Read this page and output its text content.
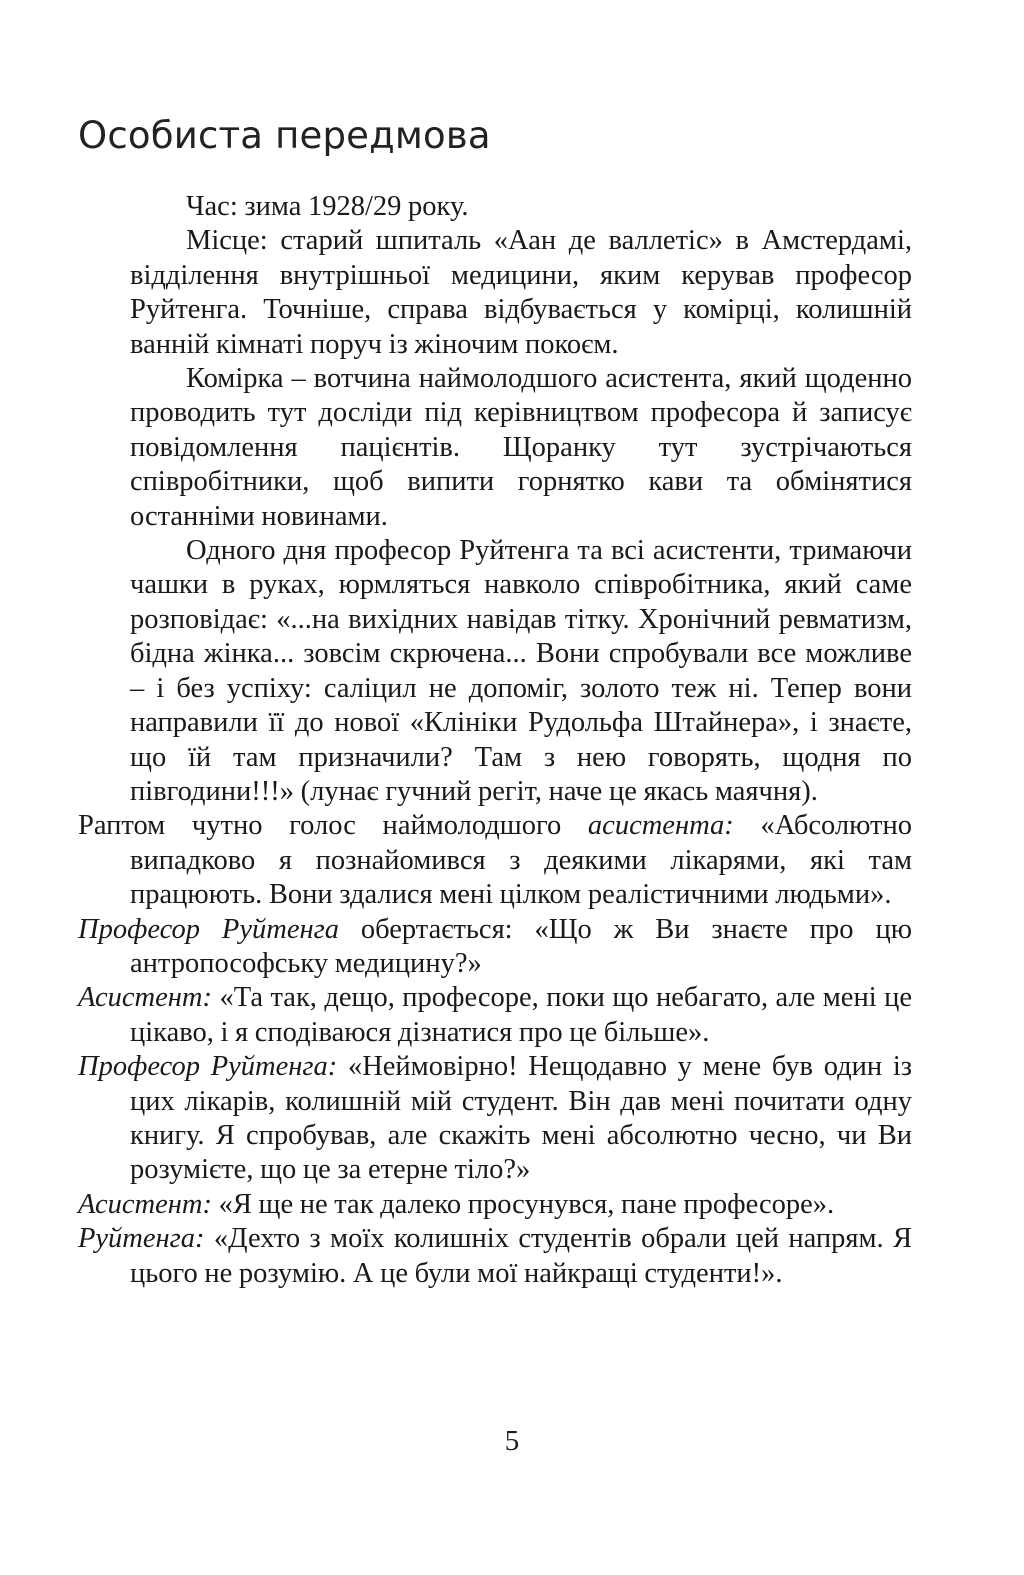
Особиста передмова

Час: зима 1928/29 року.

Місце: старий шпиталь «Аан де валлетіс» в Амстердамі, відділення внутрішньої медицини, яким керував професор Руйтенга. Точніше, справа відбувається у комірці, колишній ванній кімнаті поруч із жіночим покоєм.

Комірка – вотчина наймолодшого асистента, який щоденно проводить тут досліди під керівництвом професора й записує повідомлення пацієнтів. Щоранку тут зустрічаються співробітники, щоб випити горнятко кави та обмінятися останніми новинами.

Одного дня професор Руйтенга та всі асистенти, тримаючи чашки в руках, юрмляться навколо співробітника, який саме розповідає: «...на вихідних навідав тітку. Хронічний ревматизм, бідна жінка... зовсім скрючена... Вони спробували все можливе – і без успіху: саліцил не допоміг, золото теж ні. Тепер вони направили її до нової «Клініки Рудольфа Штайнера», і знаєте, що їй там призначили? Там з нею говорять, щодня по півгодини!!!» (лунає гучний регіт, наче це якась маячня).

Раптом чутно голос наймолодшого асистента: «Абсолютно випадково я познайомився з деякими лікарями, які там працюють. Вони здалися мені цілком реалістичними людьми».

Професор Руйтенга обертається: «Що ж Ви знаєте про цю антропософську медицину?»

Асистент: «Та так, дещо, професоре, поки що небагато, але мені це цікаво, і я сподіваюся дізнатися про це більше».

Професор Руйтенга: «Неймовірно! Нещодавно у мене був один із цих лікарів, колишній мій студент. Він дав мені почитати одну книгу. Я спробував, але скажіть мені абсолютно чесно, чи Ви розумієте, що це за етерне тіло?»

Асистент: «Я ще не так далеко просунувся, пане професоре».

Руйтенга: «Дехто з моїх колишніх студентів обрали цей напрям. Я цього не розумію. А це були мої найкращі студенти!».

5
